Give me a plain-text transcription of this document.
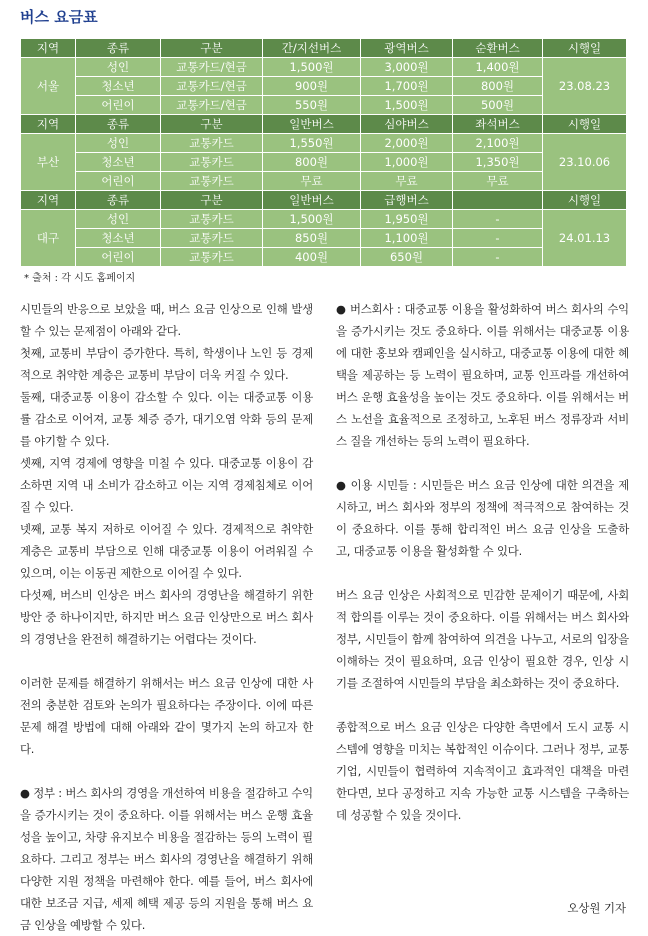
버스 요금표
지역	종류	구분	간/지선버스	광역버스	순환버스	시행일
서울	성인	교통카드/현금	1,500원	3,000원	1,400원	23.08.23
	청소년	교통카드/현금	900원	1,700원	800원	
	어린이	교통카드/현금	550원	1,500원	500원	
지역	종류	구분	일반버스	심야버스	좌석버스	시행일
부산	성인	교통카드	1,550원	2,000원	2,100원	23.10.06
	청소년	교통카드	800원	1,000원	1,350원	
	어린이	교통카드	무료	무료	무료	
지역	종류	구분	일반버스	급행버스		시행일
대구	성인	교통카드	1,500원	1,950원	-	24.01.13
	청소년	교통카드	850원	1,100원	-	
	어린이	교통카드	400원	650원	-	
* 출처 : 각 시도 홈페이지

시민들의 반응으로 보았을 때, 버스 요금 인상으로 인해 발생할 수 있는 문제점이 아래와 같다.

첫째, 교통비 부담이 증가한다. 특히, 학생이나 노인 등 경제적으로 취약한 계층은 교통비 부담이 더욱 커질 수 있다.

둘째, 대중교통 이용이 감소할 수 있다. 이는 대중교통 이용률 감소로 이어져, 교통 체증 증가, 대기오염 악화 등의 문제를 야기할 수 있다.

셋째, 지역 경제에 영향을 미칠 수 있다. 대중교통 이용이 감소하면 지역 내 소비가 감소하고 이는 지역 경제침체로 이어질 수 있다.

넷째, 교통 복지 저하로 이어질 수 있다. 경제적으로 취약한 계층은 교통비 부담으로 인해 대중교통 이용이 어려워질 수 있으며, 이는 이동권 제한으로 이어질 수 있다.

다섯째, 버스비 인상은 버스 회사의 경영난을 해결하기 위한 방안 중 하나이지만, 하지만 버스 요금 인상만으로 버스 회사의 경영난을 완전히 해결하기는 어렵다는 것이다.

이러한 문제를 해결하기 위해서는 버스 요금 인상에 대한 사전의 충분한 검토와 논의가 필요하다는 주장이다. 이에 따른 문제 해결 방법에 대해 아래와 같이 몇가지 논의 하고자 한다.

● 정부 : 버스 회사의 경영을 개선하여 비용을 절감하고 수익을 증가시키는 것이 중요하다. 이를 위해서는 버스 운행 효율성을 높이고, 차량 유지보수 비용을 절감하는 등의 노력이 필요하다. 그리고 정부는 버스 회사의 경영난을 해결하기 위해 다양한 지원 정책을 마련해야 한다. 예를 들어, 버스 회사에 대한 보조금 지급, 세제 혜택 제공 등의 지원을 통해 버스 요금 인상을 예방할 수 있다.

● 버스회사 : 대중교통 이용을 활성화하여 버스 회사의 수익을 증가시키는 것도 중요하다. 이를 위해서는 대중교통 이용에 대한 홍보와 캠페인을 실시하고, 대중교통 이용에 대한 혜택을 제공하는 등 노력이 필요하며, 교통 인프라를 개선하여 버스 운행 효율성을 높이는 것도 중요하다. 이를 위해서는 버스 노선을 효율적으로 조정하고, 노후된 버스 정류장과 서비스 질을 개선하는 등의 노력이 필요하다.

● 이용 시민들 : 시민들은 버스 요금 인상에 대한 의견을 제시하고, 버스 회사와 정부의 정책에 적극적으로 참여하는 것이 중요하다. 이를 통해 합리적인 버스 요금 인상을 도출하고, 대중교통 이용을 활성화할 수 있다.

버스 요금 인상은 사회적으로 민감한 문제이기 때문에, 사회적 합의를 이루는 것이 중요하다. 이를 위해서는 버스 회사와 정부, 시민들이 함께 참여하여 의견을 나누고, 서로의 입장을 이해하는 것이 필요하며, 요금 인상이 필요한 경우, 인상 시기를 조절하여 시민들의 부담을 최소화하는 것이 중요하다.

종합적으로 버스 요금 인상은 다양한 측면에서 도시 교통 시스템에 영향을 미치는 복합적인 이슈이다. 그러나 정부, 교통 기업, 시민들이 협력하여 지속적이고 효과적인 대책을 마련한다면, 보다 공정하고 지속 가능한 교통 시스템을 구축하는데 성공할 수 있을 것이다.

오상원 기자
